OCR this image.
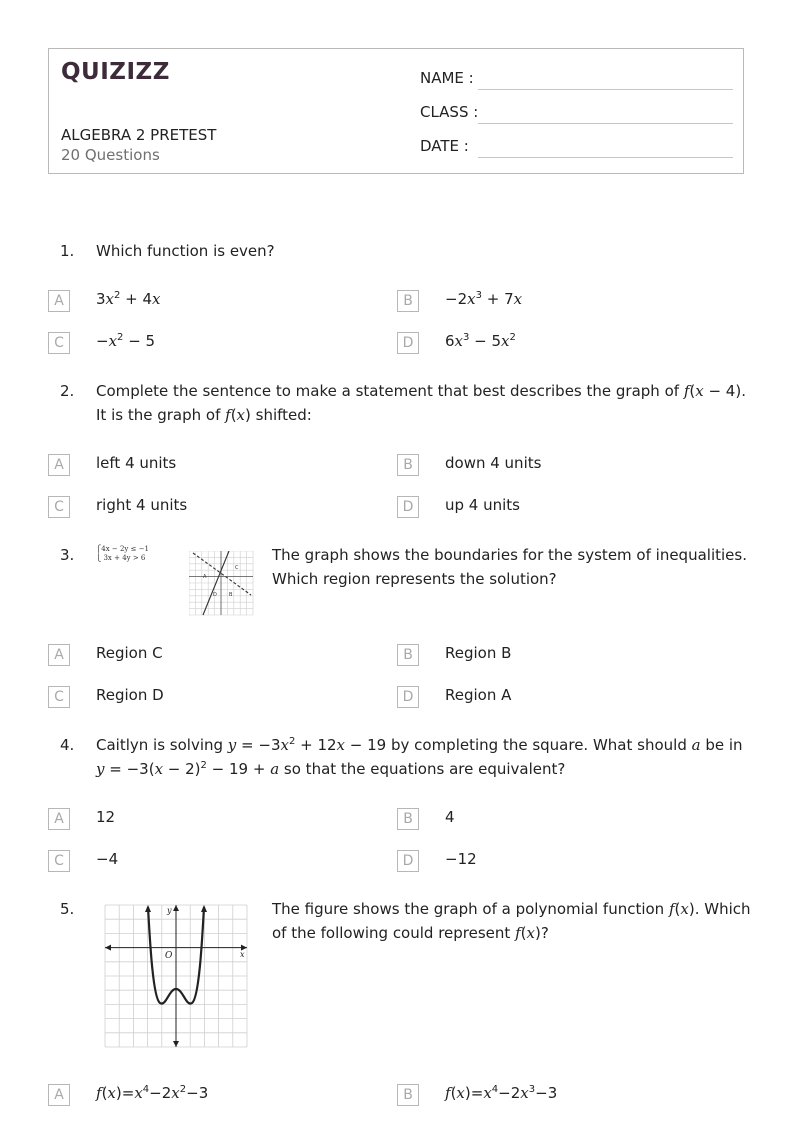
QUIZIZZ
ALGEBRA 2 PRETEST
20 Questions
NAME :
CLASS :
DATE :
1. Which function is even?
A	$3x^2 + 4x$	B	$-2x^3 + 7x$
C	$-x^2 - 5$	D	$6x^3 - 5x^2$
2. Complete the sentence to make a statement that best describes the graph of f(x − 4).
It is the graph of f(x) shifted:
A	left 4 units	B	down 4 units
C	right 4 units	D	up 4 units
3.	⎧4x − 2y ≤ −1
⎩ 3x + 4y > 6
A
B
C
D
The graph shows the boundaries for the system of inequalities.
Which region represents the solution?
A	Region C	B	Region B
C	Region D	D	Region A
4. Caitlyn is solving $y = -3x^2 + 12x - 19$ by completing the square. What should a be in
$y = -3(x - 2)^2 - 19 + a$ so that the equations are equivalent?
A	12	B	4
C	−4	D	−12
5.	y
x
O
The figure shows the graph of a polynomial function f(x). Which
of the following could represent f(x)?
A	$f(x)=x^4-2x^2-3$	B	$f(x)=x^4-2x^3-3$
